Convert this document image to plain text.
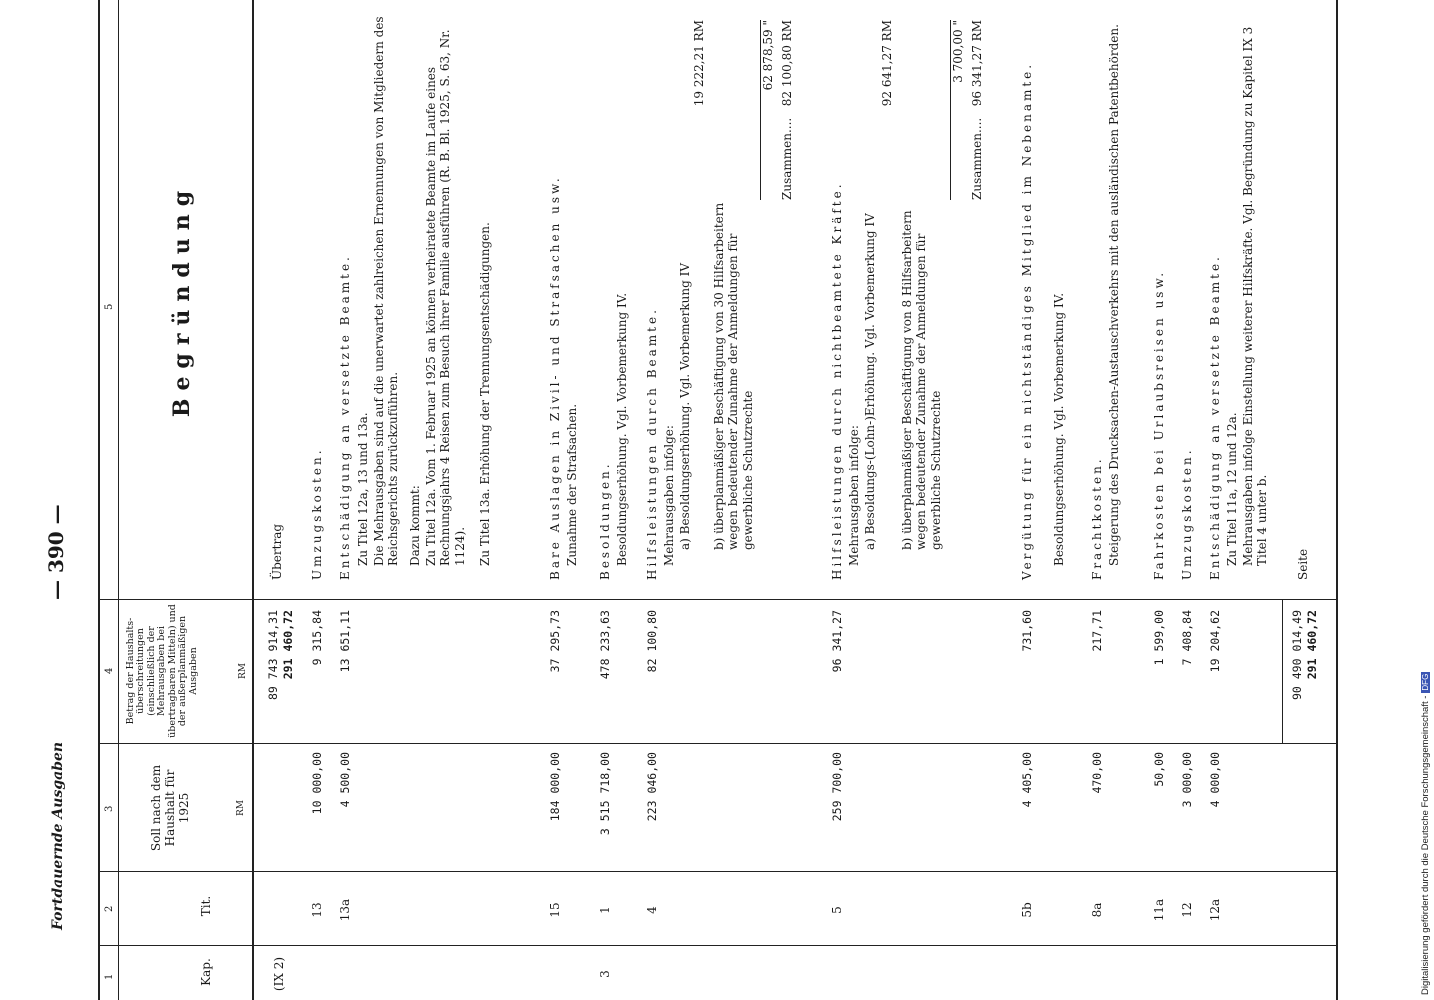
Fortdauernde Ausgaben
— 390 —
1
2
3
4
5
Kap.
Tit.
Soll nach dem Haushalt für 1925	RM
Betrag der Haushalts-überschreitungen (einschließlich der Mehrausgaben bei übertragbaren Mitteln) und der außerplanmäßigen Ausgaben	RM
Begründung
(IX 2)
89 743 914,31 291 460,72
Übertrag
13
10 000,00
9 315,84
Umzugskosten.
13a
4 500,00
13 651,11
Entschädigung an versetzte Beamte. Zu Titel 12a, 13 und 13a. Die Mehrausgaben sind auf die unerwartet zahlreichen Ernennungen von Mitgliedern des Reichsgerichts zurückzuführen. Dazu kommt: Zu Titel 12a. Vom 1. Februar 1925 an können verheiratete Beamte im Laufe eines Rechnungsjahrs 4 Reisen zum Besuch ihrer Familie ausführen (R. B. Bl. 1925, S. 63, Nr. 1124). Zu Titel 13a. Erhöhung der Trennungsentschädigungen.
15
184 000,00
37 295,73
Bare Auslagen in Zivil- und Strafsachen usw. Zunahme der Strafsachen.
3
1
3 515 718,00
478 233,63
Besoldungen. Besoldungserhöhung. Vgl. Vorbemerkung IV.
4
223 046,00
82 100,80
Hilfsleistungen durch Beamte. Mehrausgaben infolge: a) Besoldungserhöhung. Vgl. Vorbemerkung IV
19 222,21 RM
b) überplanmäßiger Beschäftigung von 30 Hilfsarbeitern wegen bedeutender Zunahme der Anmeldungen für gewerbliche Schutzrechte
62 878,59 "
Zusammen....
82 100,80 RM
5
259 700,00
96 341,27
Hilfsleistungen durch nichtbeamtete Kräfte. Mehrausgaben infolge: a) Besoldungs-(Lohn-)Erhöhung. Vgl. Vorbemerkung IV
92 641,27 RM
b) überplanmäßiger Beschäftigung von 8 Hilfsarbeitern wegen bedeutender Zunahme der Anmeldungen für gewerbliche Schutzrechte
3 700,00 "
Zusammen....
96 341,27 RM
5b
4 405,00
731,60
Vergütung für ein nichtständiges Mitglied im Nebenamte. Besoldungserhöhung. Vgl. Vorbemerkung IV.
8a
470,00
217,71
Frachtkosten. Steigerung des Drucksachen-Austauschverkehrs mit den ausländischen Patentbehörden.
11a
50,00
1 599,00
Fahrkosten bei Urlaubsreisen usw.
12
3 000,00
7 408,84
Umzugskosten.
12a
4 000,00
19 204,62
Entschädigung an versetzte Beamte. Zu Titel 11a, 12 und 12a. Mehrausgaben infolge Einstellung weiterer Hilfskräfte. Vgl. Begründung zu Kapitel IX 3 Titel 4 unter b.
90 490 014,49 291 460,72
Seite
Digitalisierung gefördert durch die Deutsche Forschungsgemeinschaft -DFG
